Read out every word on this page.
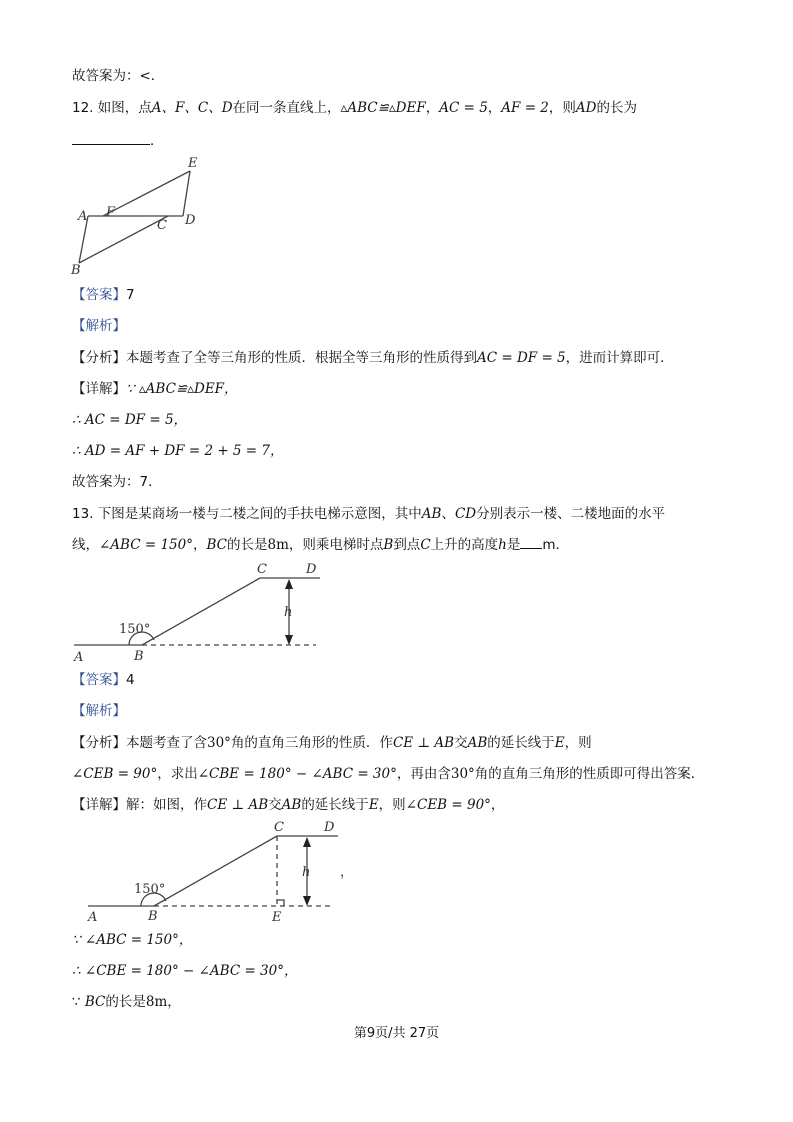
故答案为：<．
12. 如图，点A、F、C、D在同一条直线上，▵ABC≌▵DEF，AC = 5，AF = 2，则AD的长为
．
A F
E
C D
B
【答案】7
【解析】
【分析】本题考查了全等三角形的性质．根据全等三角形的性质得到AC = DF = 5，进而计算即可．
【详解】∵ ▵ABC≌▵DEF，
∴ AC = DF = 5，
∴ AD = AF + DF = 2 + 5 = 7，
故答案为：7．
13. 下图是某商场一楼与二楼之间的手扶电梯示意图，其中AB、CD分别表示一楼、二楼地面的水平
线，∠ABC = 150°，BC的长是8m，则乘电梯时点B到点C上升的高度h是 m．
C	D
h
150°
A	B
【答案】4
【解析】
【分析】本题考查了含30°角的直角三角形的性质．作CE ⊥ AB交AB的延长线于E，则
∠CEB = 90°，求出∠CBE = 180° − ∠ABC = 30°，再由含30°角的直角三角形的性质即可得出答案．
【详解】解：如图，作CE ⊥ AB交AB的延长线于E，则∠CEB = 90°，
C	D
h
150°
A	B	E
，
∵ ∠ABC = 150°，
∴ ∠CBE = 180° − ∠ABC = 30°，
∵ BC的长是8m，
第9页/共 27页
